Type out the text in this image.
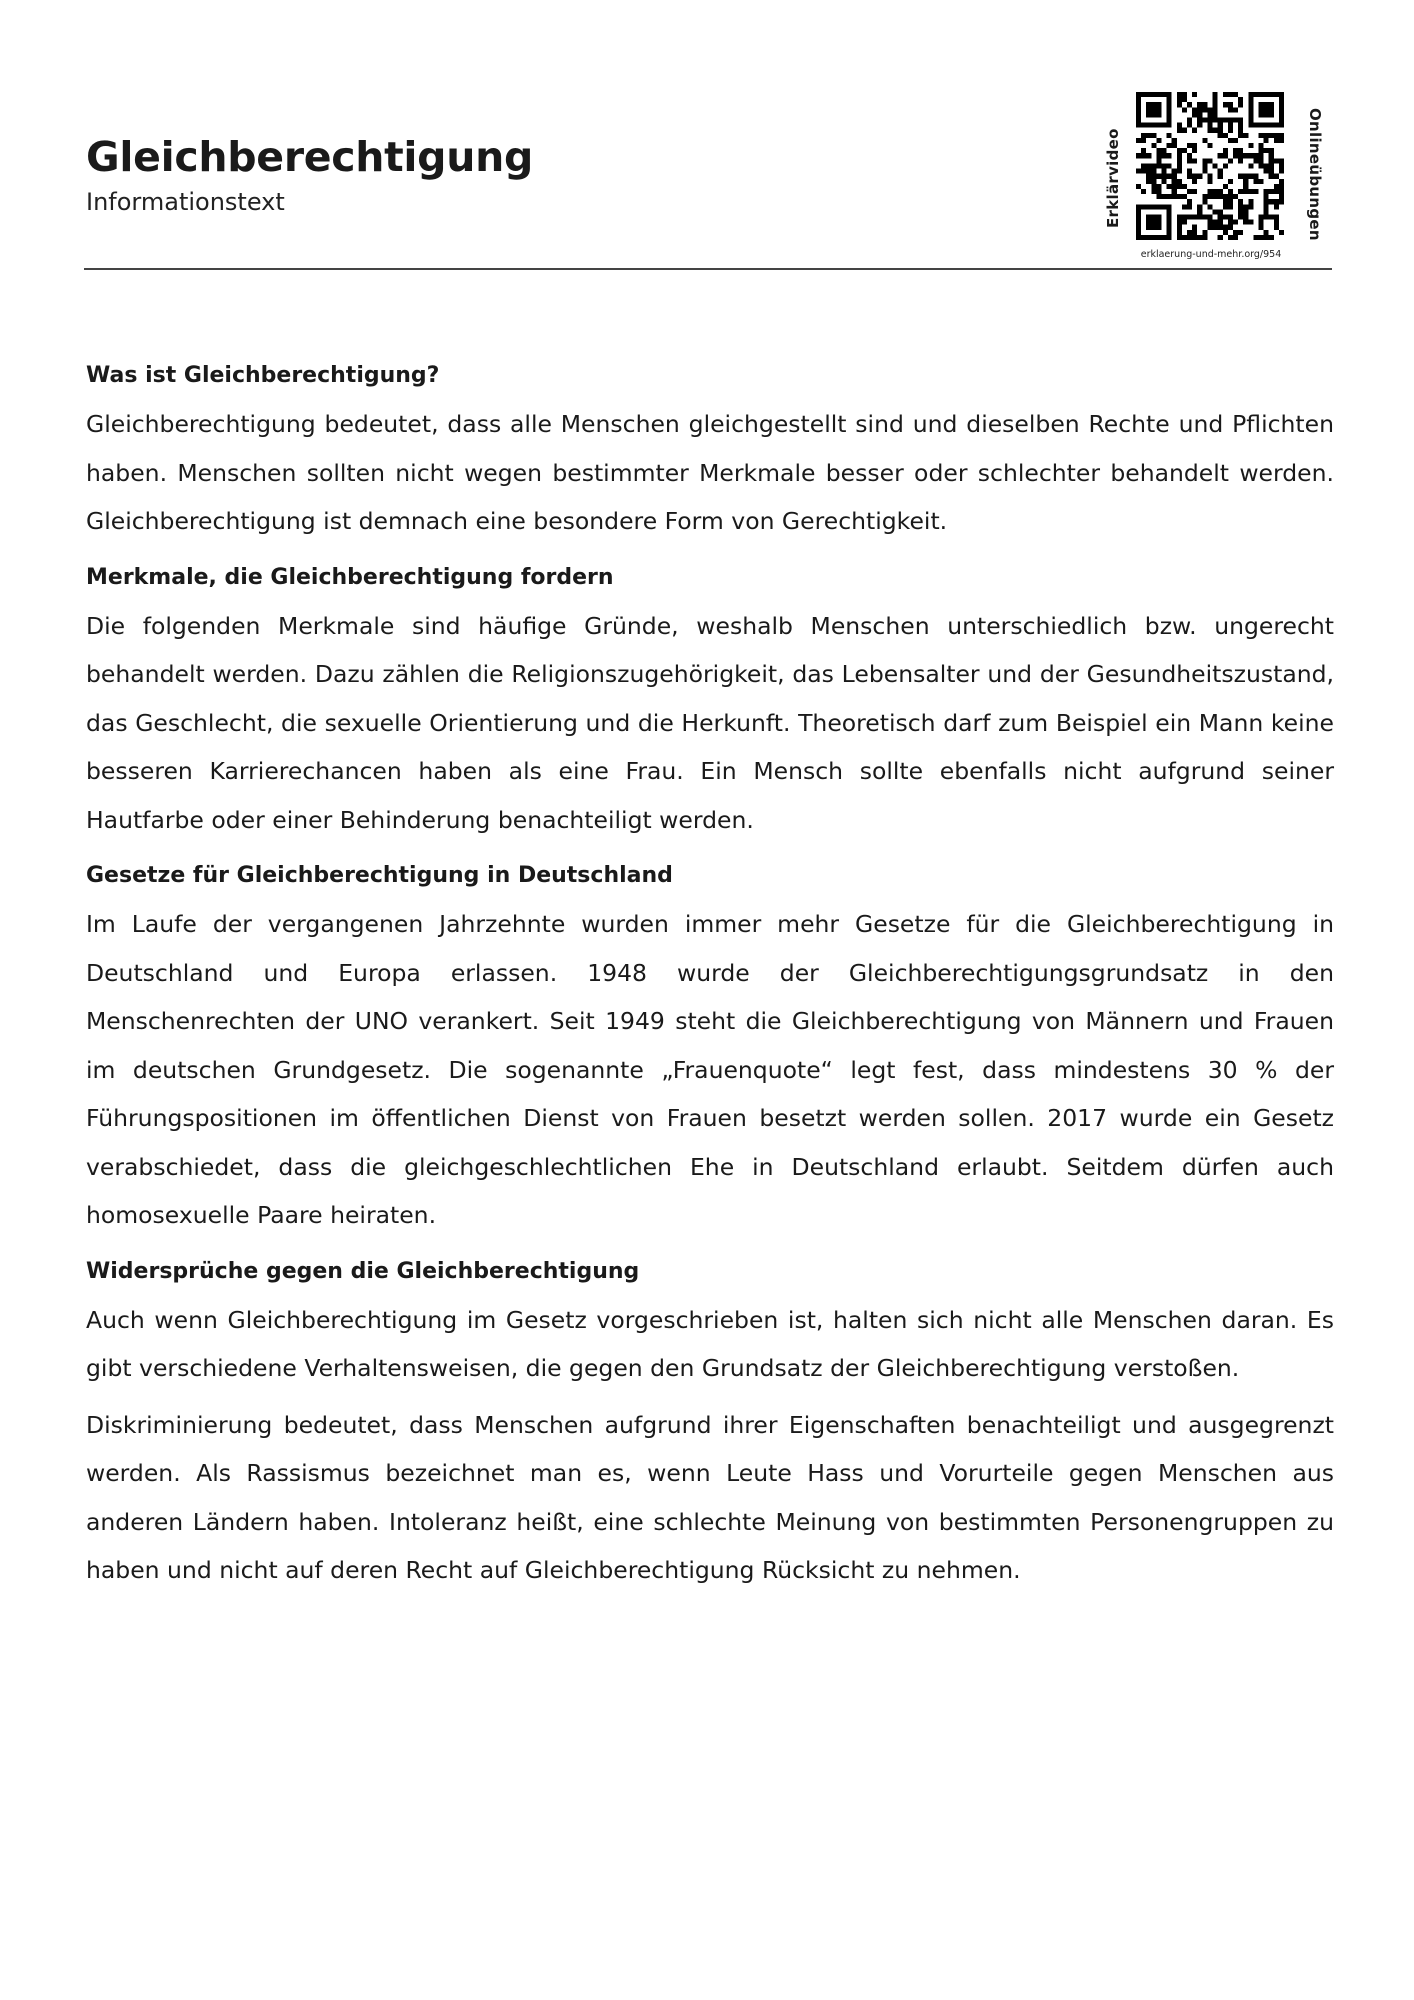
Gleichberechtigung

Informationstext	Erklärvideo	Onlineübungen
erklaerung-und-mehr.org/954
Was ist Gleichberechtigung?

Gleichberechtigung bedeutet, dass alle Menschen gleichgestellt sind und dieselben Rechte und Pflichten haben. Menschen sollten nicht wegen bestimmter Merkmale besser oder schlechter behandelt werden. Gleichberechtigung ist demnach eine besondere Form von Gerechtigkeit.

Merkmale, die Gleichberechtigung fordern

Die folgenden Merkmale sind häufige Gründe, weshalb Menschen unterschiedlich bzw. ungerecht behandelt werden. Dazu zählen die Religionszugehörigkeit, das Lebensalter und der Gesundheitszustand, das Geschlecht, die sexuelle Orientierung und die Herkunft. Theoretisch darf zum Beispiel ein Mann keine besseren Karrierechancen haben als eine Frau. Ein Mensch sollte ebenfalls nicht aufgrund seiner Hautfarbe oder einer Behinderung benachteiligt werden.

Gesetze für Gleichberechtigung in Deutschland

Im Laufe der vergangenen Jahrzehnte wurden immer mehr Gesetze für die Gleichberechtigung in Deutschland und Europa erlassen. 1948 wurde der Gleichberechtigungsgrundsatz in den Menschenrechten der UNO verankert. Seit 1949 steht die Gleichberechtigung von Männern und Frauen im deutschen Grundgesetz. Die sogenannte „Frauenquote“ legt fest, dass mindestens 30 % der Führungspositionen im öffentlichen Dienst von Frauen besetzt werden sollen. 2017 wurde ein Gesetz verabschiedet, dass die gleichgeschlechtlichen Ehe in Deutschland erlaubt. Seitdem dürfen auch homosexuelle Paare heiraten.

Widersprüche gegen die Gleichberechtigung

Auch wenn Gleichberechtigung im Gesetz vorgeschrieben ist, halten sich nicht alle Menschen daran. Es gibt verschiedene Verhaltensweisen, die gegen den Grundsatz der Gleichberechtigung verstoßen.

Diskriminierung bedeutet, dass Menschen aufgrund ihrer Eigenschaften benachteiligt und ausgegrenzt werden. Als Rassismus bezeichnet man es, wenn Leute Hass und Vorurteile gegen Menschen aus anderen Ländern haben. Intoleranz heißt, eine schlechte Meinung von bestimmten Personengruppen zu haben und nicht auf deren Recht auf Gleichberechtigung Rücksicht zu nehmen.
